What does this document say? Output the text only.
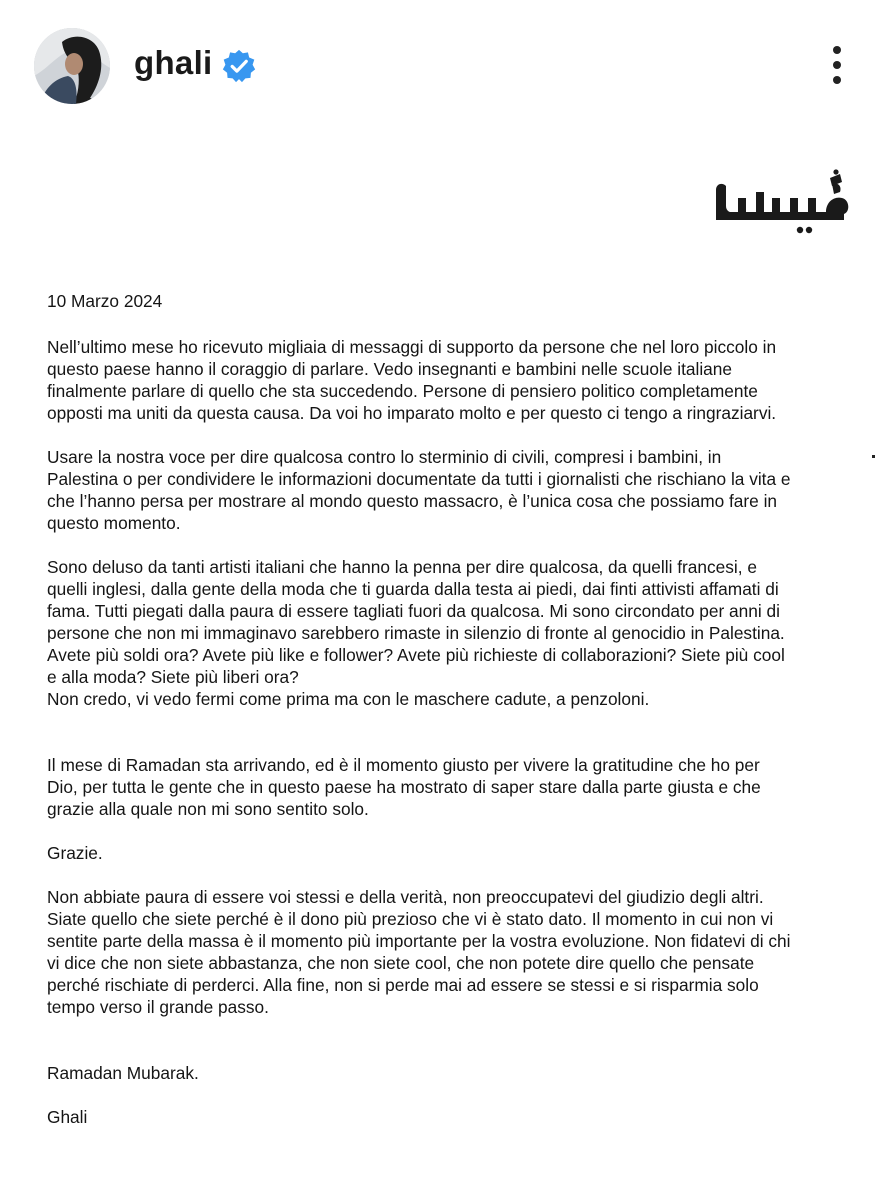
ghali

10 Marzo 2024

Nell’ultimo mese ho ricevuto migliaia di messaggi di supporto da persone che nel loro piccolo in
questo paese hanno il coraggio di parlare. Vedo insegnanti e bambini nelle scuole italiane
finalmente parlare di quello che sta succedendo. Persone di pensiero politico completamente
opposti ma uniti da questa causa. Da voi ho imparato molto e per questo ci tengo a ringraziarvi.

Usare la nostra voce per dire qualcosa contro lo sterminio di civili, compresi i bambini, in
Palestina o per condividere le informazioni documentate da tutti i giornalisti che rischiano la vita e
che l’hanno persa per mostrare al mondo questo massacro, è l’unica cosa che possiamo fare in
questo momento.

Sono deluso da tanti artisti italiani che hanno la penna per dire qualcosa, da quelli francesi, e
quelli inglesi, dalla gente della moda che ti guarda dalla testa ai piedi, dai finti attivisti affamati di
fama. Tutti piegati dalla paura di essere tagliati fuori da qualcosa. Mi sono circondato per anni di
persone che non mi immaginavo sarebbero rimaste in silenzio di fronte al genocidio in Palestina.
Avete più soldi ora? Avete più like e follower? Avete più richieste di collaborazioni? Siete più cool
e alla moda? Siete più liberi ora?
Non credo, vi vedo fermi come prima ma con le maschere cadute, a penzoloni.

Il mese di Ramadan sta arrivando, ed è il momento giusto per vivere la gratitudine che ho per
Dio, per tutta le gente che in questo paese ha mostrato di saper stare dalla parte giusta e che
grazie alla quale non mi sono sentito solo.

Grazie.

Non abbiate paura di essere voi stessi e della verità, non preoccupatevi del giudizio degli altri.
Siate quello che siete perché è il dono più prezioso che vi è stato dato. Il momento in cui non vi
sentite parte della massa è il momento più importante per la vostra evoluzione. Non fidatevi di chi
vi dice che non siete abbastanza, che non siete cool, che non potete dire quello che pensate
perché rischiate di perderci. Alla fine, non si perde mai ad essere se stessi e si risparmia solo
tempo verso il grande passo.

Ramadan Mubarak.

Ghali
